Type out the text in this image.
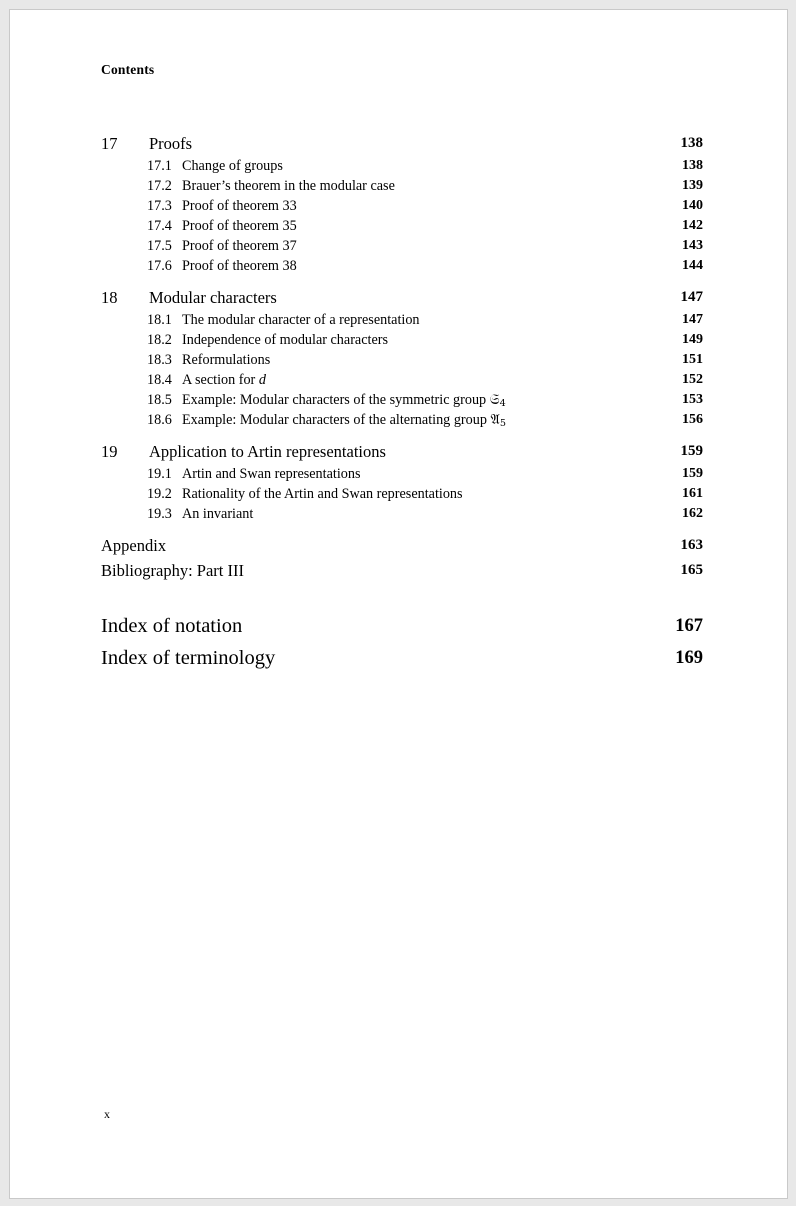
Contents
17	Proofs	138
17.1 Change of groups	138
17.2 Brauer’s theorem in the modular case	139
17.3 Proof of theorem 33	140
17.4 Proof of theorem 35	142
17.5 Proof of theorem 37	143
17.6 Proof of theorem 38	144
18	Modular characters	147
18.1 The modular character of a representation	147
18.2 Independence of modular characters	149
18.3 Reformulations	151
18.4 A section for d	152
18.5 Example: Modular characters of the symmetric group 𝔖$_4$	153
18.6 Example: Modular characters of the alternating group 𝔄$_5$	156
19	Application to Artin representations	159
19.1 Artin and Swan representations	159
19.2 Rationality of the Artin and Swan representations	161
19.3 An invariant	162
Appendix	163
Bibliography: Part III	165
Index of notation	167
Index of terminology	169
x
